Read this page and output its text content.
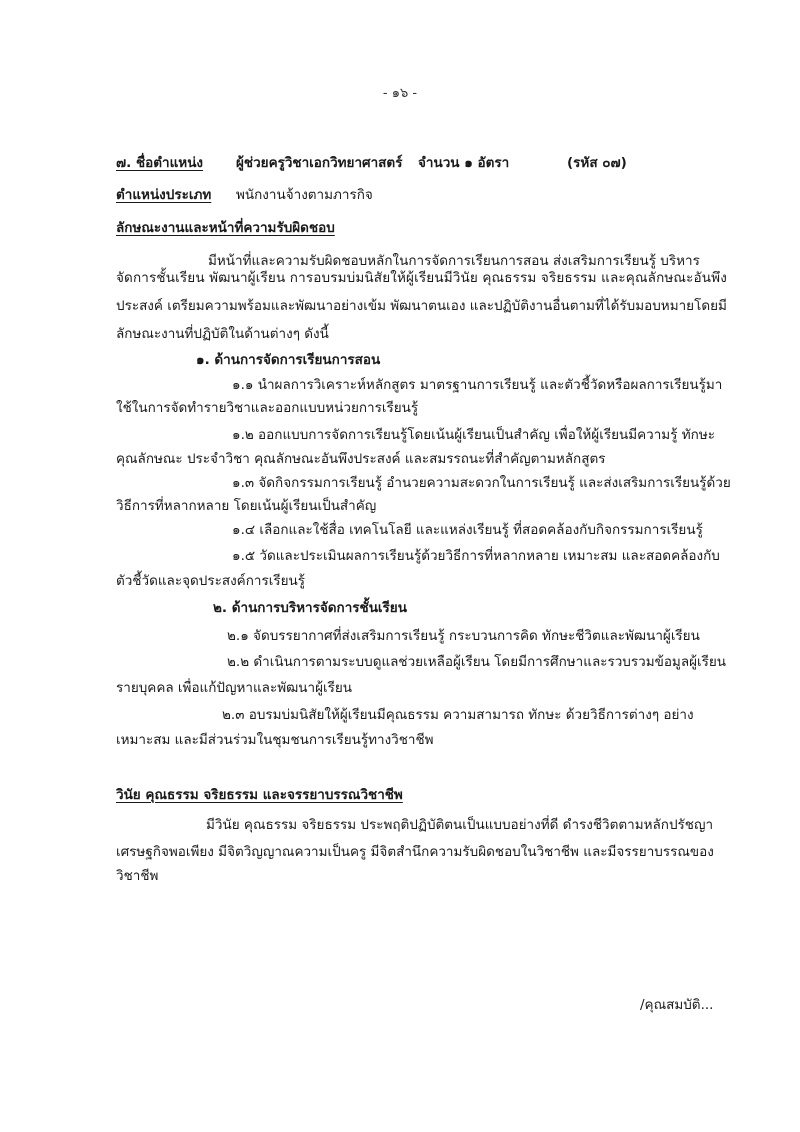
- ๑๖ -
๗. ชื่อตำแหน่ง ผู้ช่วยครูวิชาเอกวิทยาศาสตร์ จำนวน ๑ อัตรา	(รหัส ๐๗)
ตำแหน่งประเภท พนักงานจ้างตามภารกิจ
ลักษณะงานและหน้าที่ความรับผิดชอบ
มีหน้าที่และความรับผิดชอบหลักในการจัดการเรียนการสอน ส่งเสริมการเรียนรู้ บริหาร
จัดการชั้นเรียน พัฒนาผู้เรียน การอบรมบ่มนิสัยให้ผู้เรียนมีวินัย คุณธรรม จริยธรรม และคุณลักษณะอันพึง
ประสงค์ เตรียมความพร้อมและพัฒนาอย่างเข้ม พัฒนาตนเอง และปฏิบัติงานอื่นตามที่ได้รับมอบหมายโดยมี
ลักษณะงานที่ปฏิบัติในด้านต่างๆ ดังนี้
๑. ด้านการจัดการเรียนการสอน
๑.๑ นำผลการวิเคราะห์หลักสูตร มาตรฐานการเรียนรู้ และตัวชี้วัดหรือผลการเรียนรู้มา
ใช้ในการจัดทำรายวิชาและออกแบบหน่วยการเรียนรู้
๑.๒ ออกแบบการจัดการเรียนรู้โดยเน้นผู้เรียนเป็นสำคัญ เพื่อให้ผู้เรียนมีความรู้ ทักษะ
คุณลักษณะ ประจำวิชา คุณลักษณะอันพึงประสงค์ และสมรรถนะที่สำคัญตามหลักสูตร
๑.๓ จัดกิจกรรมการเรียนรู้ อำนวยความสะดวกในการเรียนรู้ และส่งเสริมการเรียนรู้ด้วย
วิธีการที่หลากหลาย โดยเน้นผู้เรียนเป็นสำคัญ
๑.๔ เลือกและใช้สื่อ เทคโนโลยี และแหล่งเรียนรู้ ที่สอดคล้องกับกิจกรรมการเรียนรู้
๑.๕ วัดและประเมินผลการเรียนรู้ด้วยวิธีการที่หลากหลาย เหมาะสม และสอดคล้องกับ
ตัวชี้วัดและจุดประสงค์การเรียนรู้
๒. ด้านการบริหารจัดการชั้นเรียน
๒.๑ จัดบรรยากาศที่ส่งเสริมการเรียนรู้ กระบวนการคิด ทักษะชีวิตและพัฒนาผู้เรียน
๒.๒ ดำเนินการตามระบบดูแลช่วยเหลือผู้เรียน โดยมีการศึกษาและรวบรวมข้อมูลผู้เรียน
รายบุคคล เพื่อแก้ปัญหาและพัฒนาผู้เรียน
๒.๓ อบรมบ่มนิสัยให้ผู้เรียนมีคุณธรรม ความสามารถ ทักษะ ด้วยวิธีการต่างๆ อย่าง
เหมาะสม และมีส่วนร่วมในชุมชนการเรียนรู้ทางวิชาชีพ
วินัย คุณธรรม จริยธรรม และจรรยาบรรณวิชาชีพ
มีวินัย คุณธรรม จริยธรรม ประพฤติปฏิบัติตนเป็นแบบอย่างที่ดี ดำรงชีวิตตามหลักปรัชญา
เศรษฐกิจพอเพียง มีจิตวิญญาณความเป็นครู มีจิตสำนึกความรับผิดชอบในวิชาชีพ และมีจรรยาบรรณของ
วิชาชีพ
/คุณสมบัติ...
